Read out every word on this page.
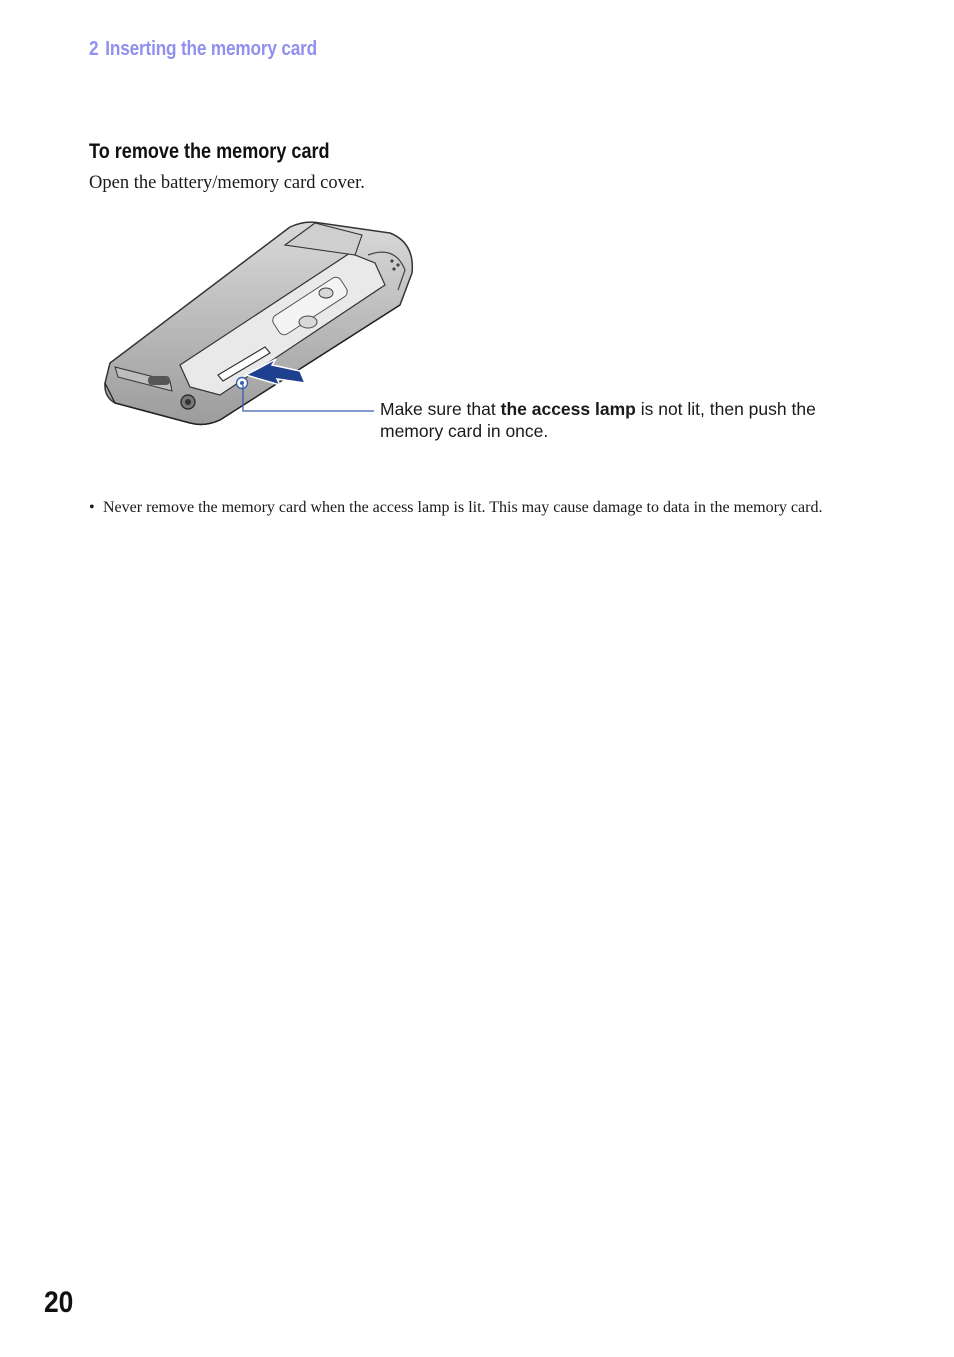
2 Inserting the memory card
To remove the memory card

Open the battery/memory card cover.

Make sure that the access lamp is not lit, then push the memory card in once.

• Never remove the memory card when the access lamp is lit. This may cause damage to data in the memory card.
20
